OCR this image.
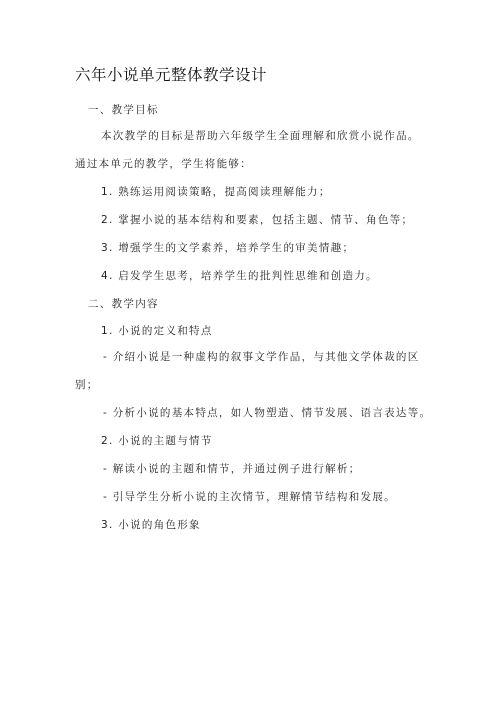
六年小说单元整体教学设计
一、教学目标
本次教学的目标是帮助六年级学生全面理解和欣赏小说作品。
通过本单元的教学，学生将能够：
1. 熟练运用阅读策略，提高阅读理解能力；
2. 掌握小说的基本结构和要素，包括主题、情节、角色等；
3. 增强学生的文学素养，培养学生的审美情趣；
4. 启发学生思考，培养学生的批判性思维和创造力。
二、教学内容
1. 小说的定义和特点
- 介绍小说是一种虚构的叙事文学作品，与其他文学体裁的区
别；
- 分析小说的基本特点，如人物塑造、情节发展、语言表达等。
2. 小说的主题与情节
- 解读小说的主题和情节，并通过例子进行解析；
- 引导学生分析小说的主次情节，理解情节结构和发展。
3. 小说的角色形象
